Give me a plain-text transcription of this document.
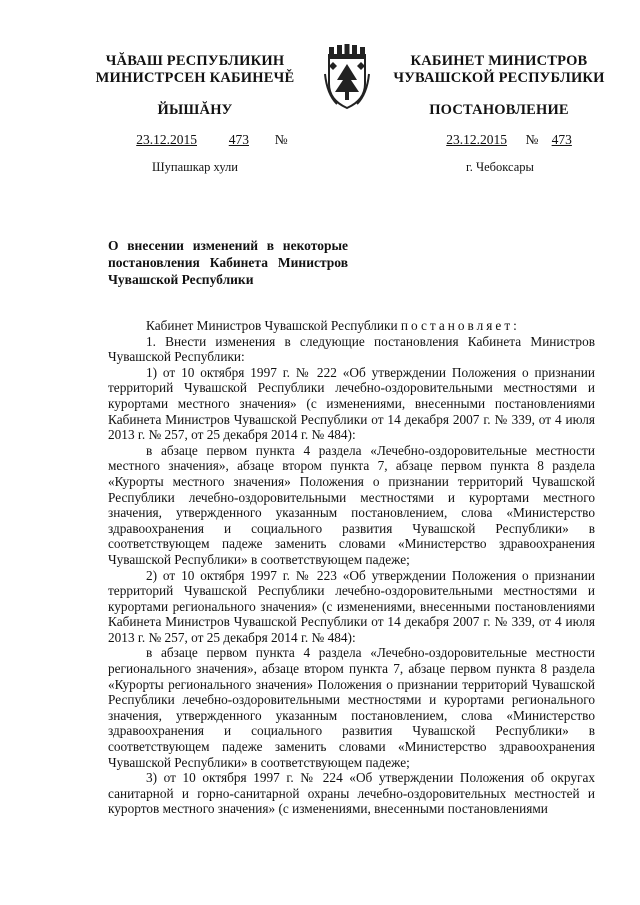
ЧĂВАШ РЕСПУБЛИКИН
МИНИСТРСЕН КАБИНЕЧĚ
ЙЫШĂНУ
КАБИНЕТ МИНИСТРОВ
ЧУВАШСКОЙ РЕСПУБЛИКИ
ПОСТАНОВЛЕНИЕ
23.12.2015 473 №	23.12.2015 № 473
Шупашкар хули	г. Чебоксары
О внесении изменений в некоторые постановления Кабинета Министров Чувашской Республики

Кабинет Министров Чувашской Республики постановляет:

1. Внести изменения в следующие постановления Кабинета Министров Чувашской Республики:

1) от 10 октября 1997 г. № 222 «Об утверждении Положения о признании территорий Чувашской Республики лечебно-оздоровительными местностями и курортами местного значения» (с изменениями, внесенными постановлениями Кабинета Министров Чувашской Республики от 14 декабря 2007 г. № 339, от 4 июля 2013 г. № 257, от 25 декабря 2014 г. № 484):

в абзаце первом пункта 4 раздела «Лечебно-оздоровительные местности местного значения», абзаце втором пункта 7, абзаце первом пункта 8 раздела «Курорты местного значения» Положения о признании территорий Чувашской Республики лечебно-оздоровительными местностями и курортами местного значения, утвержденного указанным постановлением, слова «Министерство здравоохранения и социального развития Чувашской Республики» в соответствующем падеже заменить словами «Министерство здравоохранения Чувашской Республики» в соответствующем падеже;

2) от 10 октября 1997 г. № 223 «Об утверждении Положения о признании территорий Чувашской Республики лечебно-оздоровительными местностями и курортами регионального значения» (с изменениями, внесенными постановлениями Кабинета Министров Чувашской Республики от 14 декабря 2007 г. № 339, от 4 июля 2013 г. № 257, от 25 декабря 2014 г. № 484):

в абзаце первом пункта 4 раздела «Лечебно-оздоровительные местности регионального значения», абзаце втором пункта 7, абзаце первом пункта 8 раздела «Курорты регионального значения» Положения о признании территорий Чувашской Республики лечебно-оздоровительными местностями и курортами регионального значения, утвержденного указанным постановлением, слова «Министерство здравоохранения и социального развития Чувашской Республики» в соответствующем падеже заменить словами «Министерство здравоохранения Чувашской Республики» в соответствующем падеже;

3) от 10 октября 1997 г. № 224 «Об утверждении Положения об округах санитарной и горно-санитарной охраны лечебно-оздоровительных местностей и курортов местного значения» (с изменениями, внесенными постановлениями
